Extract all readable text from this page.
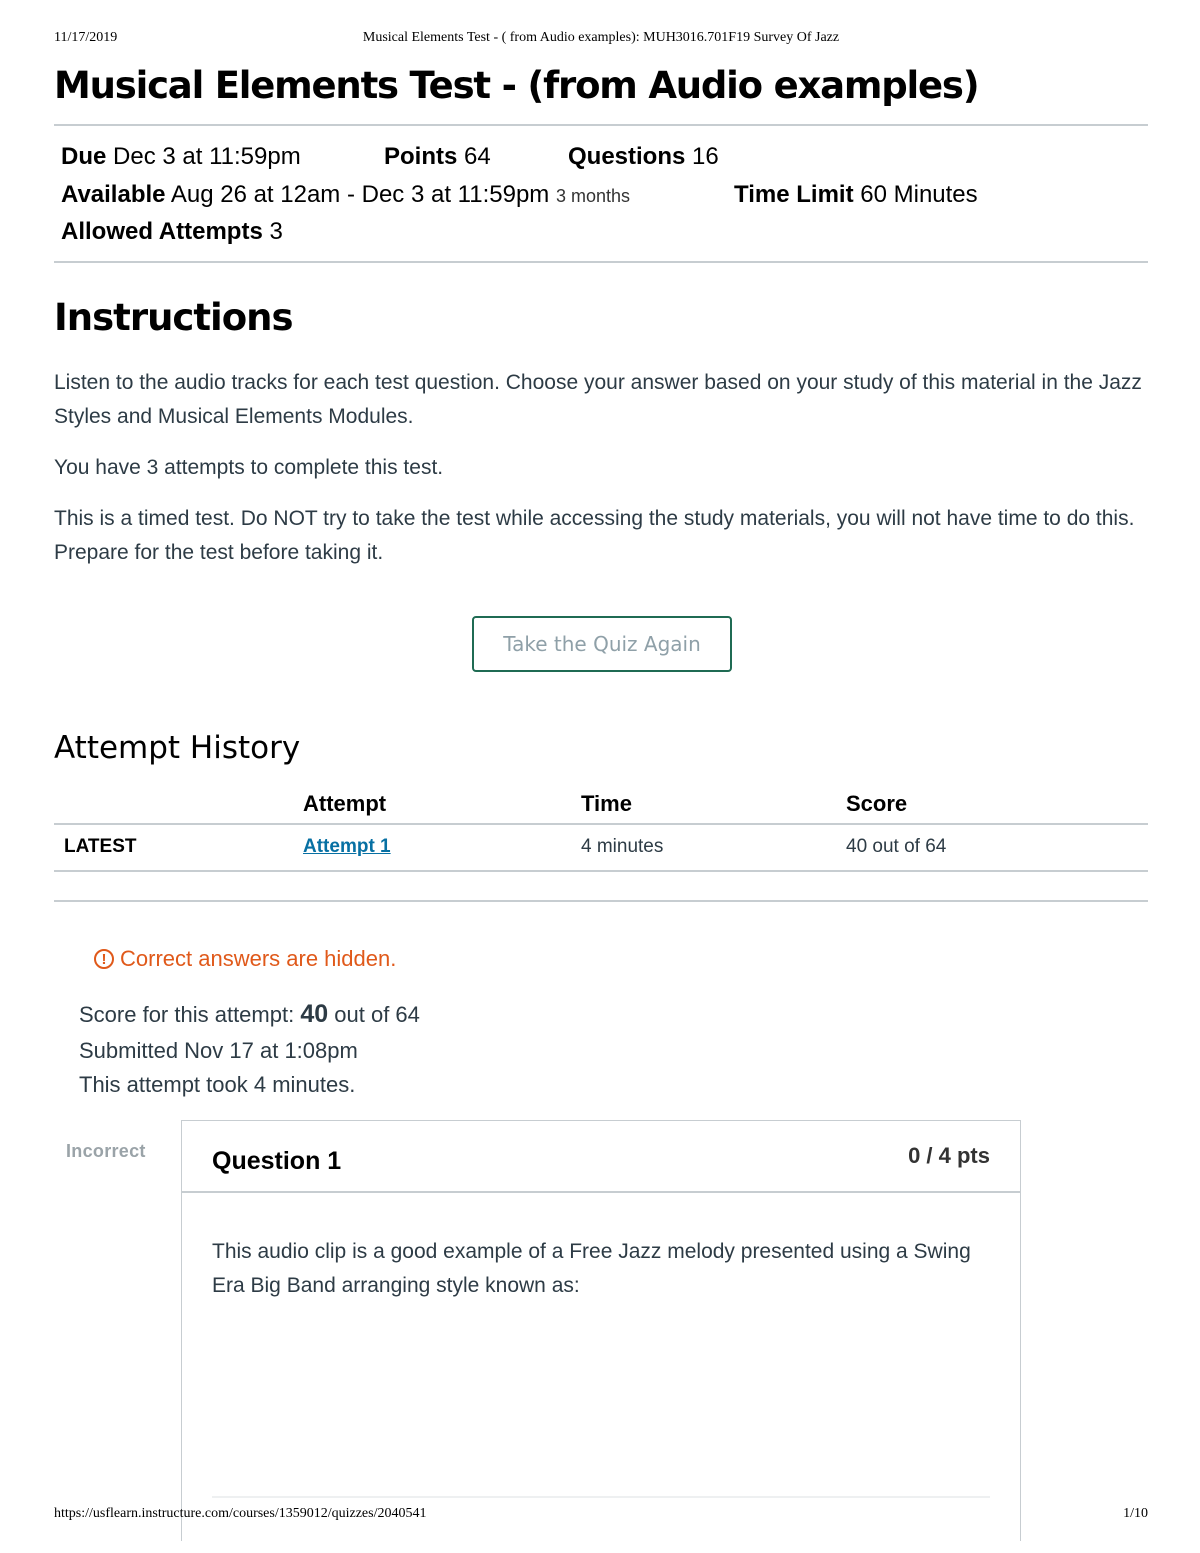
11/17/2019	Musical Elements Test - ( from Audio examples): MUH3016.701F19 Survey Of Jazz
Musical Elements Test - (from Audio examples)
Due Dec 3 at 11:59pm	Points 64	Questions 16
Available Aug 26 at 12am - Dec 3 at 11:59pm 3 months	Time Limit 60 Minutes
Allowed Attempts 3
Instructions

Listen to the audio tracks for each test question. Choose your answer based on your study of this material in the Jazz Styles and Musical Elements Modules.

You have 3 attempts to complete this test.

This is a timed test. Do NOT try to take the test while accessing the study materials, you will not have time to do this. Prepare for the test before taking it.

Take the Quiz Again
Attempt History
Attempt	Time	Score
LATEST	Attempt 1	4 minutes	40 out of 64
! Correct answers are hidden.
Score for this attempt: 40 out of 64
Submitted Nov 17 at 1:08pm
This attempt took 4 minutes.
Incorrect	Question 1	0 / 4 pts
This audio clip is a good example of a Free Jazz melody presented using a Swing Era Big Band arranging style known as:
https://usflearn.instructure.com/courses/1359012/quizzes/2040541	1/10
